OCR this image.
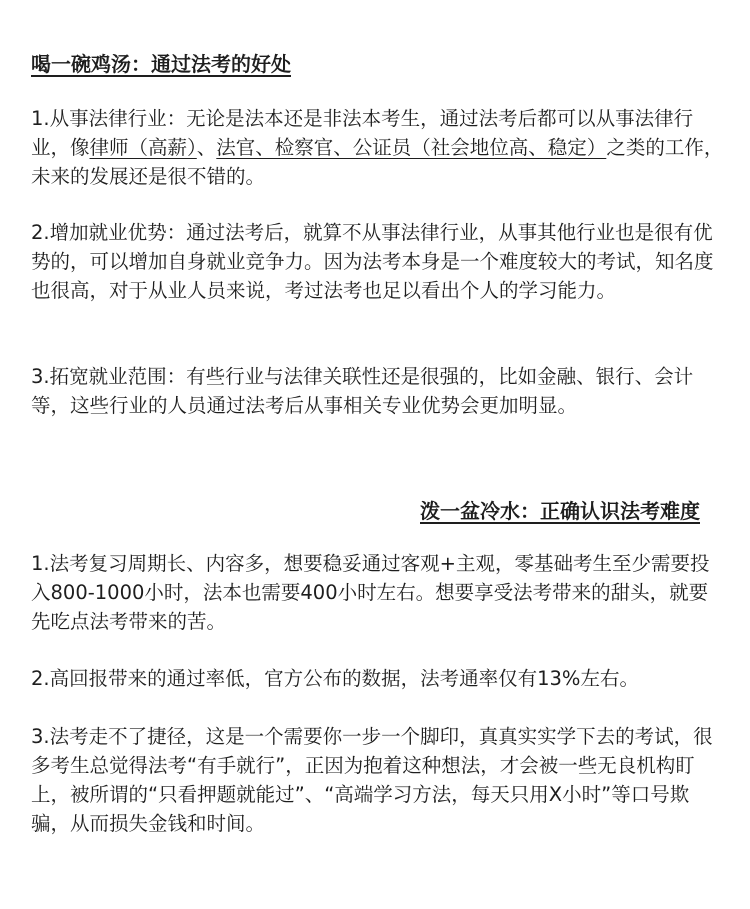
喝一碗鸡汤：通过法考的好处

1.从事法律行业：无论是法本还是非法本考生，通过法考后都可以从事法律行业，像律师（高薪）、法官、检察官、公证员（社会地位高、稳定）之类的工作，未来的发展还是很不错的。

2.增加就业优势：通过法考后，就算不从事法律行业，从事其他行业也是很有优势的，可以增加自身就业竞争力。因为法考本身是一个难度较大的考试，知名度也很高，对于从业人员来说，考过法考也足以看出个人的学习能力。

3.拓宽就业范围：有些行业与法律关联性还是很强的，比如金融、银行、会计等，这些行业的人员通过法考后从事相关专业优势会更加明显。

泼一盆冷水：正确认识法考难度

1.法考复习周期长、内容多，想要稳妥通过客观+主观，零基础考生至少需要投入800-1000小时，法本也需要400小时左右。想要享受法考带来的甜头，就要先吃点法考带来的苦。

2.高回报带来的通过率低，官方公布的数据，法考通率仅有13%左右。

3.法考走不了捷径，这是一个需要你一步一个脚印，真真实实学下去的考试，很多考生总觉得法考“有手就行”，正因为抱着这种想法，才会被一些无良机构盯上，被所谓的“只看押题就能过”、“高端学习方法，每天只用X小时”等口号欺骗，从而损失金钱和时间。
